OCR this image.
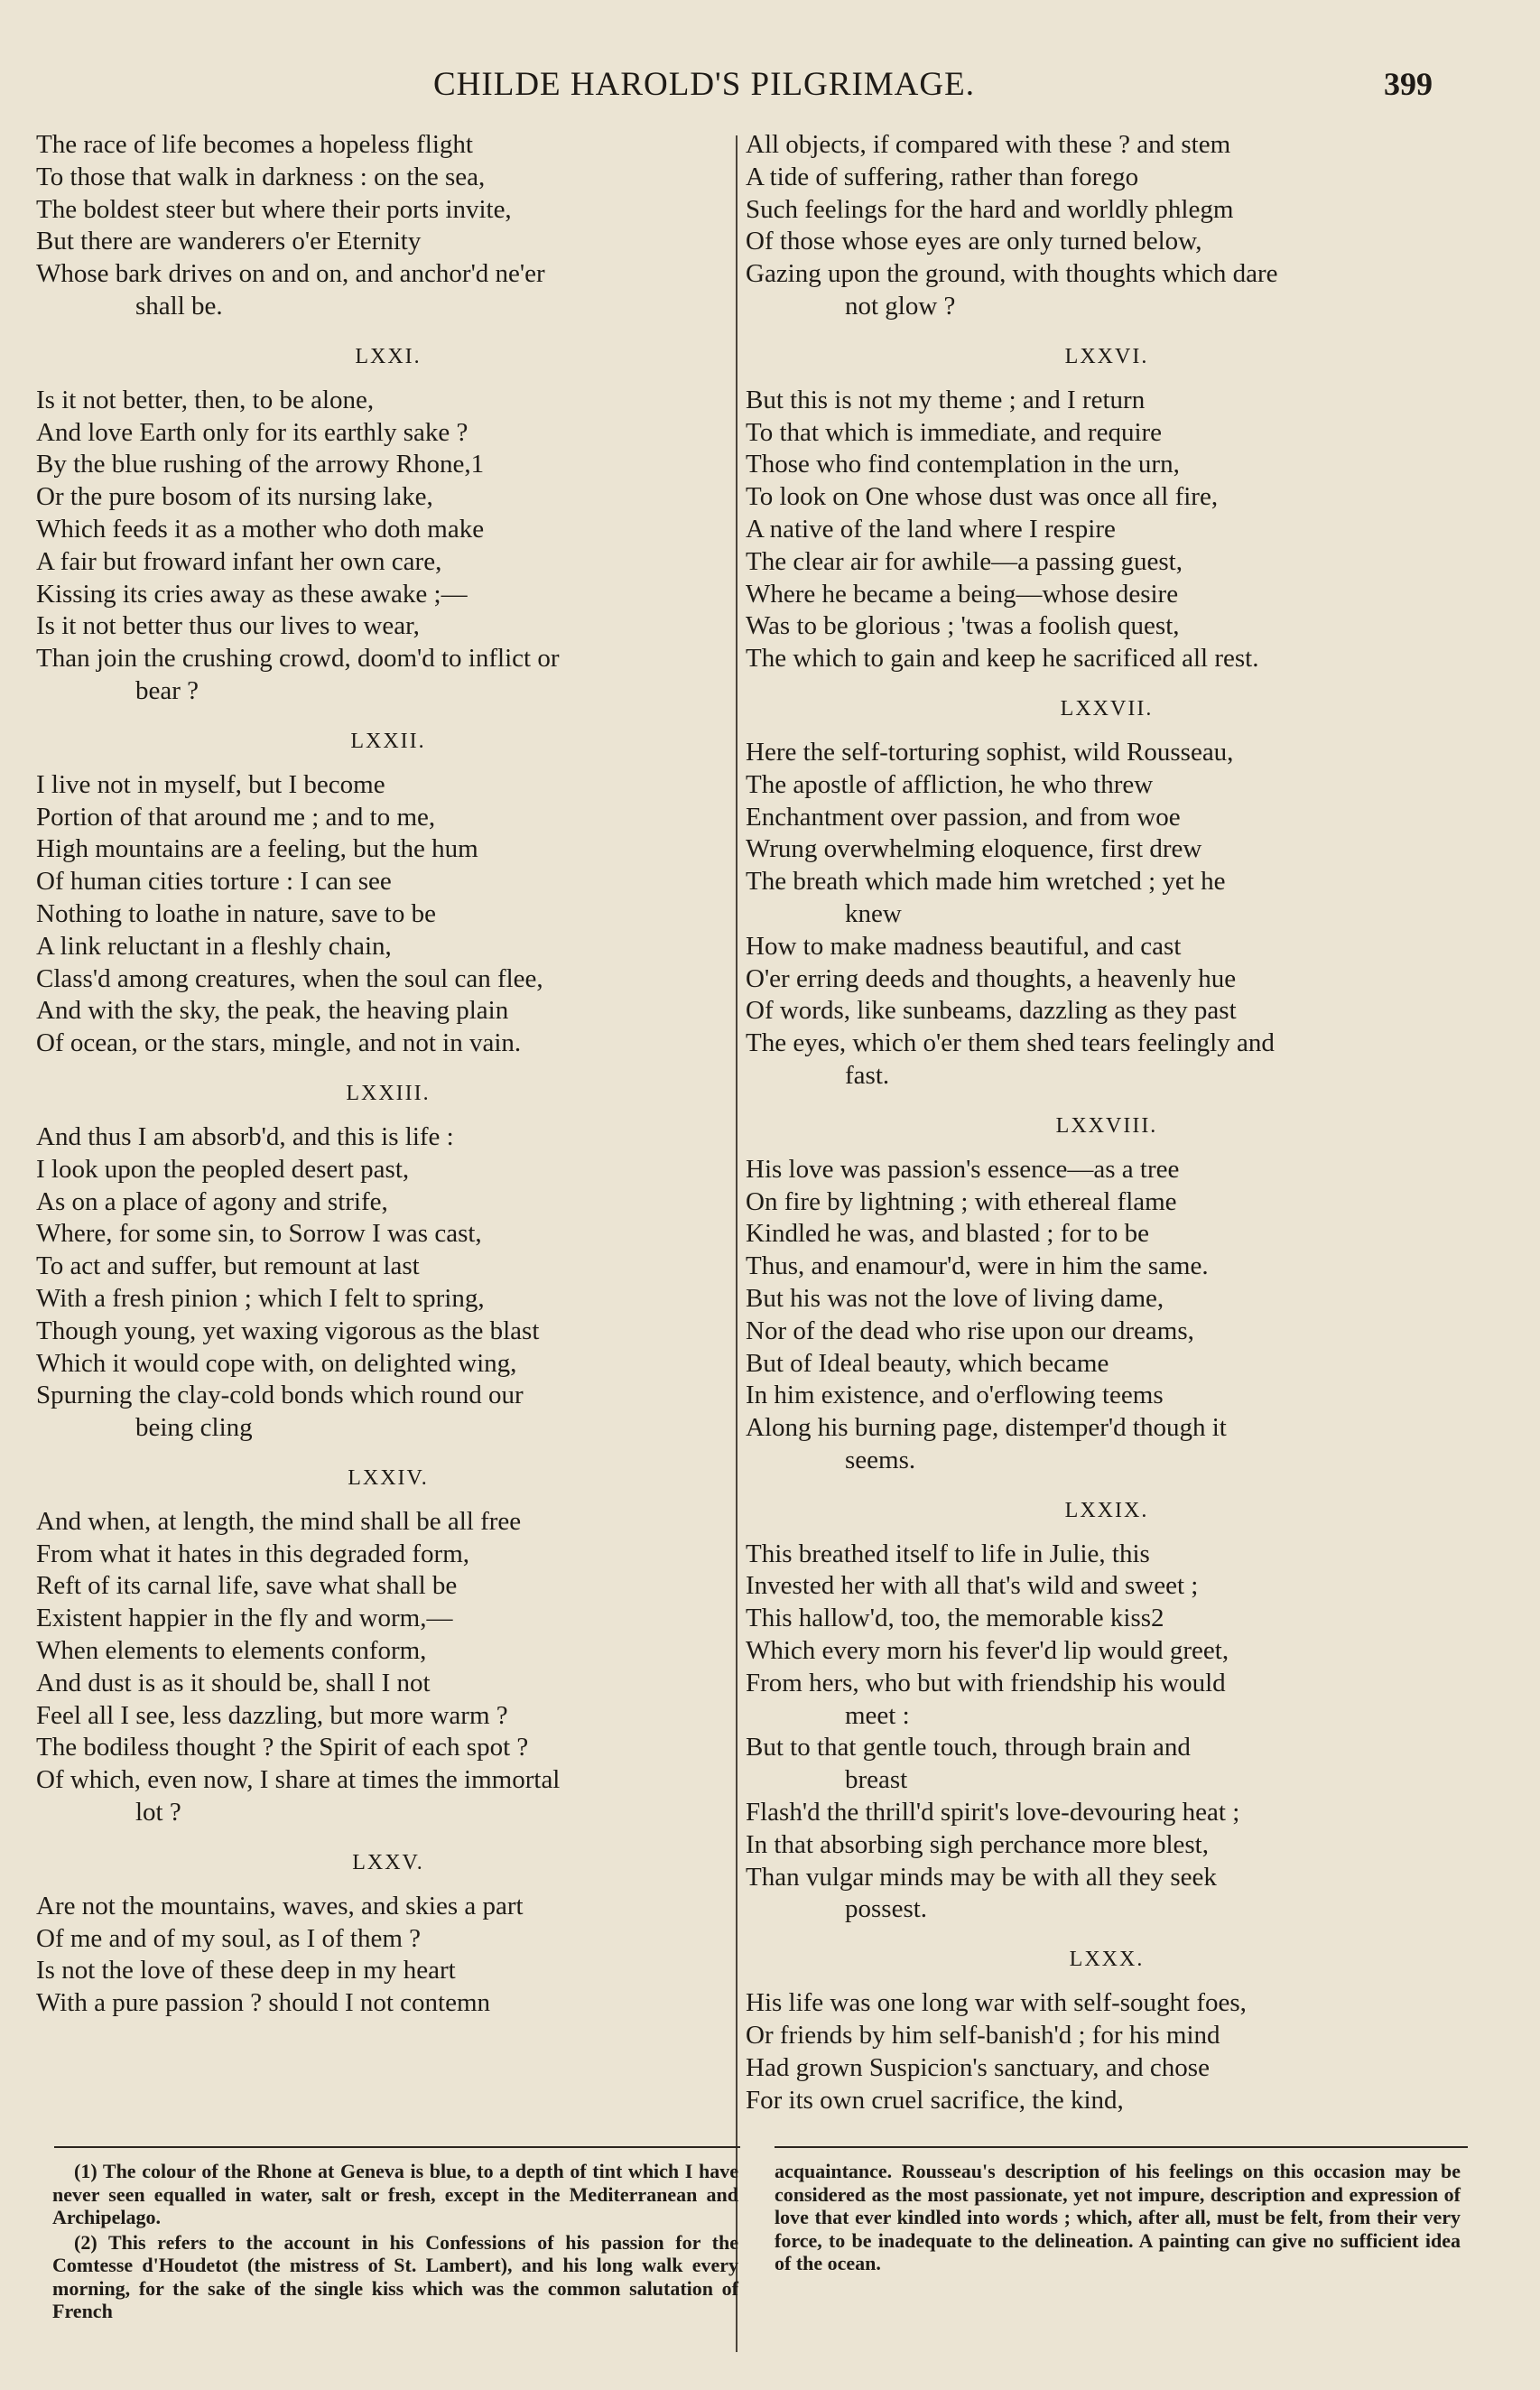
CHILDE HAROLD'S PILGRIMAGE.	399
The race of life becomes a hopeless flight
To those that walk in darkness : on the sea,
The boldest steer but where their ports invite,
But there are wanderers o'er Eternity
Whose bark drives on and on, and anchor'd ne'er
shall be.
LXXI.
Is it not better, then, to be alone,
And love Earth only for its earthly sake ?
By the blue rushing of the arrowy Rhone,1
Or the pure bosom of its nursing lake,
Which feeds it as a mother who doth make
A fair but froward infant her own care,
Kissing its cries away as these awake ;—
Is it not better thus our lives to wear,
Than join the crushing crowd, doom'd to inflict or
bear ?
LXXII.
I live not in myself, but I become
Portion of that around me ; and to me,
High mountains are a feeling, but the hum
Of human cities torture : I can see
Nothing to loathe in nature, save to be
A link reluctant in a fleshly chain,
Class'd among creatures, when the soul can flee,
And with the sky, the peak, the heaving plain
Of ocean, or the stars, mingle, and not in vain.
LXXIII.
And thus I am absorb'd, and this is life :
I look upon the peopled desert past,
As on a place of agony and strife,
Where, for some sin, to Sorrow I was cast,
To act and suffer, but remount at last
With a fresh pinion ; which I felt to spring,
Though young, yet waxing vigorous as the blast
Which it would cope with, on delighted wing,
Spurning the clay-cold bonds which round our
being cling
LXXIV.
And when, at length, the mind shall be all free
From what it hates in this degraded form,
Reft of its carnal life, save what shall be
Existent happier in the fly and worm,—
When elements to elements conform,
And dust is as it should be, shall I not
Feel all I see, less dazzling, but more warm ?
The bodiless thought ? the Spirit of each spot ?
Of which, even now, I share at times the immortal
lot ?
LXXV.
Are not the mountains, waves, and skies a part
Of me and of my soul, as I of them ?
Is not the love of these deep in my heart
With a pure passion ? should I not contemn
All objects, if compared with these ? and stem
A tide of suffering, rather than forego
Such feelings for the hard and worldly phlegm
Of those whose eyes are only turned below,
Gazing upon the ground, with thoughts which dare
not glow ?
LXXVI.
But this is not my theme ; and I return
To that which is immediate, and require
Those who find contemplation in the urn,
To look on One whose dust was once all fire,
A native of the land where I respire
The clear air for awhile—a passing guest,
Where he became a being—whose desire
Was to be glorious ; 'twas a foolish quest,
The which to gain and keep he sacrificed all rest.
LXXVII.
Here the self-torturing sophist, wild Rousseau,
The apostle of affliction, he who threw
Enchantment over passion, and from woe
Wrung overwhelming eloquence, first drew
The breath which made him wretched ; yet he
knew
How to make madness beautiful, and cast
O'er erring deeds and thoughts, a heavenly hue
Of words, like sunbeams, dazzling as they past
The eyes, which o'er them shed tears feelingly and
fast.
LXXVIII.
His love was passion's essence—as a tree
On fire by lightning ; with ethereal flame
Kindled he was, and blasted ; for to be
Thus, and enamour'd, were in him the same.
But his was not the love of living dame,
Nor of the dead who rise upon our dreams,
But of Ideal beauty, which became
In him existence, and o'erflowing teems
Along his burning page, distemper'd though it
seems.
LXXIX.
This breathed itself to life in Julie, this
Invested her with all that's wild and sweet ;
This hallow'd, too, the memorable kiss2
Which every morn his fever'd lip would greet,
From hers, who but with friendship his would
meet :
But to that gentle touch, through brain and
breast
Flash'd the thrill'd spirit's love-devouring heat ;
In that absorbing sigh perchance more blest,
Than vulgar minds may be with all they seek
possest.
LXXX.
His life was one long war with self-sought foes,
Or friends by him self-banish'd ; for his mind
Had grown Suspicion's sanctuary, and chose
For its own cruel sacrifice, the kind,

(1) The colour of the Rhone at Geneva is blue, to a depth of tint which I have never seen equalled in water, salt or fresh, except in the Mediterranean and Archipelago.

(2) This refers to the account in his Confessions of his passion for the Comtesse d'Houdetot (the mistress of St. Lambert), and his long walk every morning, for the sake of the single kiss which was the common salutation of French

acquaintance. Rousseau's description of his feelings on this occasion may be considered as the most passionate, yet not impure, description and expression of love that ever kindled into words ; which, after all, must be felt, from their very force, to be inadequate to the delineation. A painting can give no sufficient idea of the ocean.
